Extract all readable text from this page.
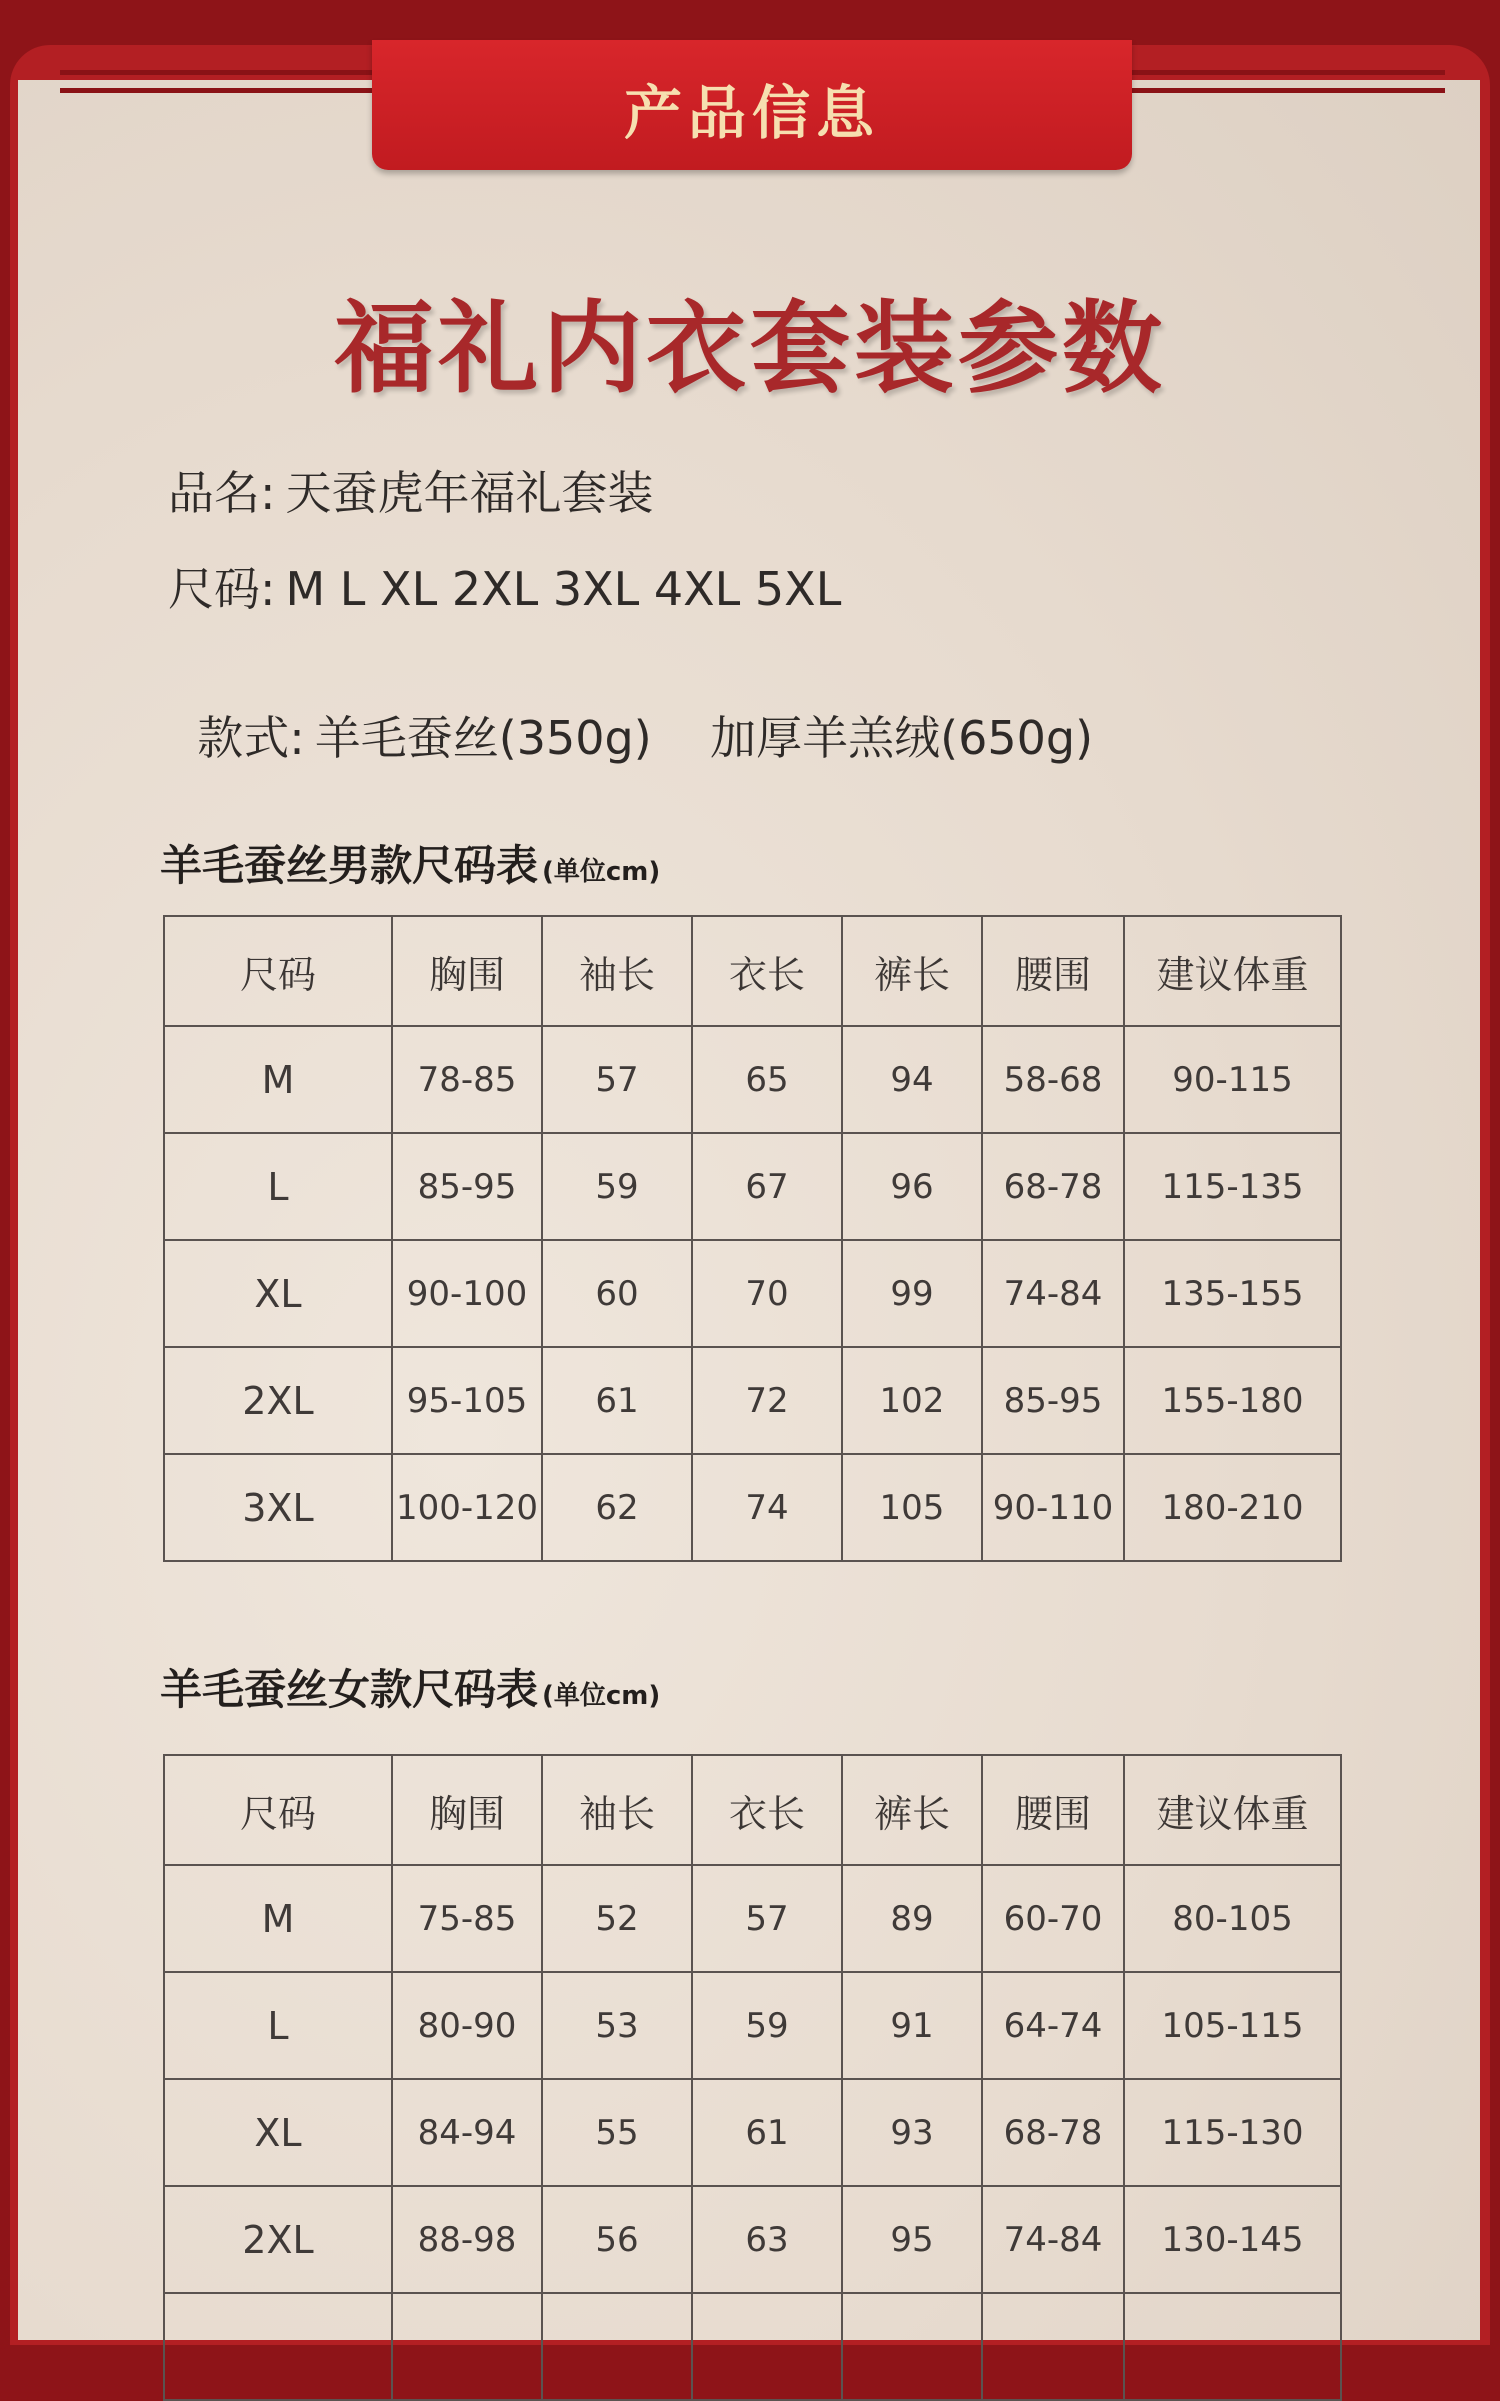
产品信息
福礼内衣套装参数
品名: 天蚕虎年福礼套装
尺码: M L XL 2XL 3XL 4XL 5XL

款式: 羊毛蚕丝(350g)    加厚羊羔绒(650g)

羊毛蚕丝男款尺码表 (单位cm)
尺码	胸围	袖长	衣长	裤长	腰围	建议体重
M	78-85	57	65	94	58-68	90-115
L	85-95	59	67	96	68-78	115-135
XL	90-100	60	70	99	74-84	135-155
2XL	95-105	61	72	102	85-95	155-180
3XL	100-120	62	74	105	90-110	180-210
羊毛蚕丝女款尺码表 (单位cm)
尺码	胸围	袖长	衣长	裤长	腰围	建议体重
M	75-85	52	57	89	60-70	80-105
L	80-90	53	59	91	64-74	105-115
XL	84-94	55	61	93	68-78	115-130
2XL	88-98	56	63	95	74-84	130-145
